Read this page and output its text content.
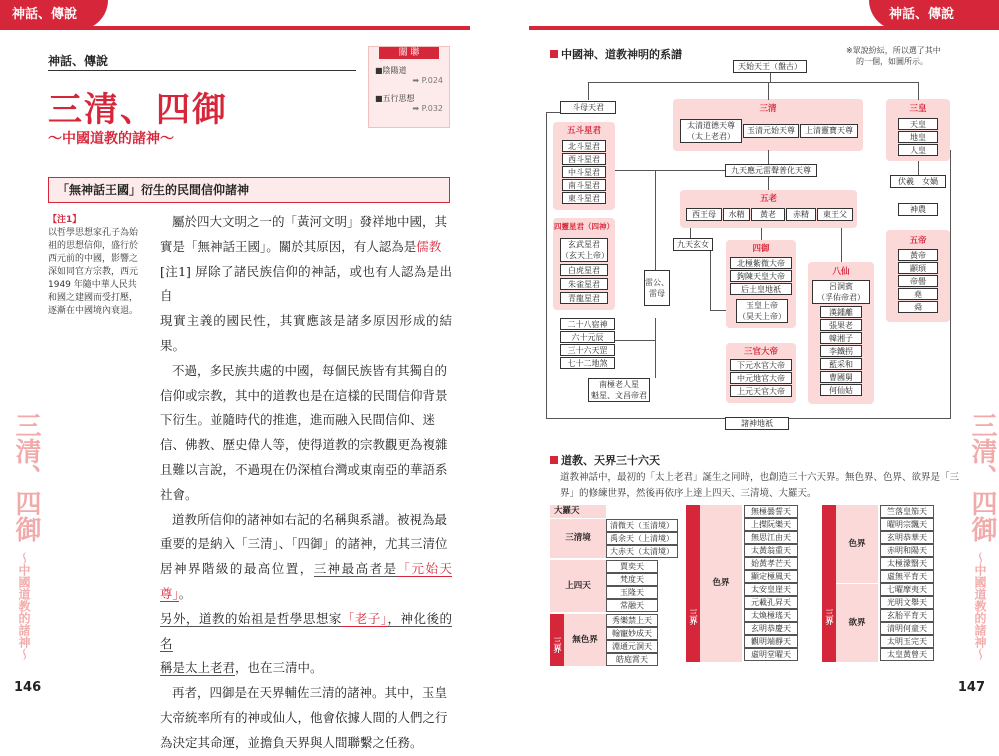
神話、傳說	神話、傳說
神話、傳說
三清、四御
～中國道教的諸神～
關 聯
■陰陽道
➡ P.024
■五行思想
➡ P.032
「無神話王國」衍生的民間信仰諸神
【注1】
以哲學思想家孔子為始
祖的思想信仰，盛行於
西元前的中國，影響之
深如同官方宗教，西元
1949 年隨中華人民共
和國之建國而受打壓，
逐漸在中國境內衰退。
屬於四大文明之一的「黃河文明」發祥地中國，其
實是「無神話王國」。關於其原因，有人認為是儒教
[注1] 屏除了諸民族信仰的神話，或也有人認為是出自
現實主義的國民性，其實應該是諸多原因形成的結果。
不過，多民族共處的中國，每個民族皆有其獨自的
信仰或宗教，其中的道教也是在這樣的民間信仰背景
下衍生。並隨時代的推進，進而融入民間信仰、迷
信、佛教、歷史偉人等，使得道教的宗教觀更為複雜
且難以言說，不過現在仍深植台灣或東南亞的華語系
社會。
道教所信仰的諸神如右記的名稱與系譜。被視為最
重要的是納入「三清」、「四御」的諸神，尤其三清位
居神界階級的最高位置，三神最高者是「元始天尊」。
另外，道教的始祖是哲學思想家「老子」，神化後的名
稱是太上老君，也在三清中。
再者，四御是在天界輔佐三清的諸神。其中，玉皇
大帝統率所有的神或仙人，他會依據人間的人們之行
為決定其命運，並擔負天界與人間聯繫之任務。
三清、四御
～中國道教的諸神～
146
中國神、道教神明的系譜	※眾說紛紜，所以選了其中
的一個，如圖所示。
五斗星君
四靈星君（四神）
三清
五老
四御
三官大帝
八仙
三皇
五帝
天始天王（盤古）
斗母天君
北斗星君
西斗星君
中斗星君
南斗星君
東斗星君
玄武星君
（玄天上帝）
白虎星君
朱雀星君
青龍星君
二十八宿神
六十元辰
三十六天罡
七十二地煞
南極老人星
魁星、文昌帝君
太清道德天尊
（太上老君）
玉清元始天尊	上清靈寶天尊
九天應元雷聲普化天尊
西王母	水精	黃老	赤精	東王父
九天玄女
雷公、
雷母
北極紫微大帝
鉤陳天皇大帝
后土皇地祇
玉皇上帝
（昊天上帝）
下元水官大帝
中元地官大帝
上元天官大帝
呂洞賓
（孚佑帝君）
漢鍾離
張果老
韓湘子
李鐵拐
藍采和
曹國舅
何仙姑
天皇
地皇
人皇
伏羲　女媧
神農
黃帝
顓頊
帝嚳
堯
舜
諸神地祇
道教、天界三十六天
道教神話中，最初的「太上老君」誕生之同時，也創造三十六天界。無色界、色界、欲界是「三
界」的修練世界，然後再依序上達上四天、三清境、大羅天。
大羅天
三清境
清微天（玉清境）
禹余天（上清境）
大赤天（太清境）
上四天
賈奕天
梵度天
玉隆天
常融天
三界	無色界
秀樂禁上天
翰寵妙成天
淵通元洞天
皓庭霄天
三界
色界
無極曇誓天
上揲阮樂天
無思江由天
太黃翁重天
始黃孝芒天
顯定極風天
太安皇崖天
元載孔昇天
太煥極瑤天
玄明恭慶天
觀明端靜天
虛明堂曜天
三界
色界
欲界
竺落皇笳天
曜明宗飄天
玄明恭華天
赤明和陽天
太極濛翳天
虛無平育天
七曜摩夷天
光明文舉天
玄胎平育天
清明何童天
太明玉完天
太皇黃曾天
三清、四御
～中國道教的諸神～
147
